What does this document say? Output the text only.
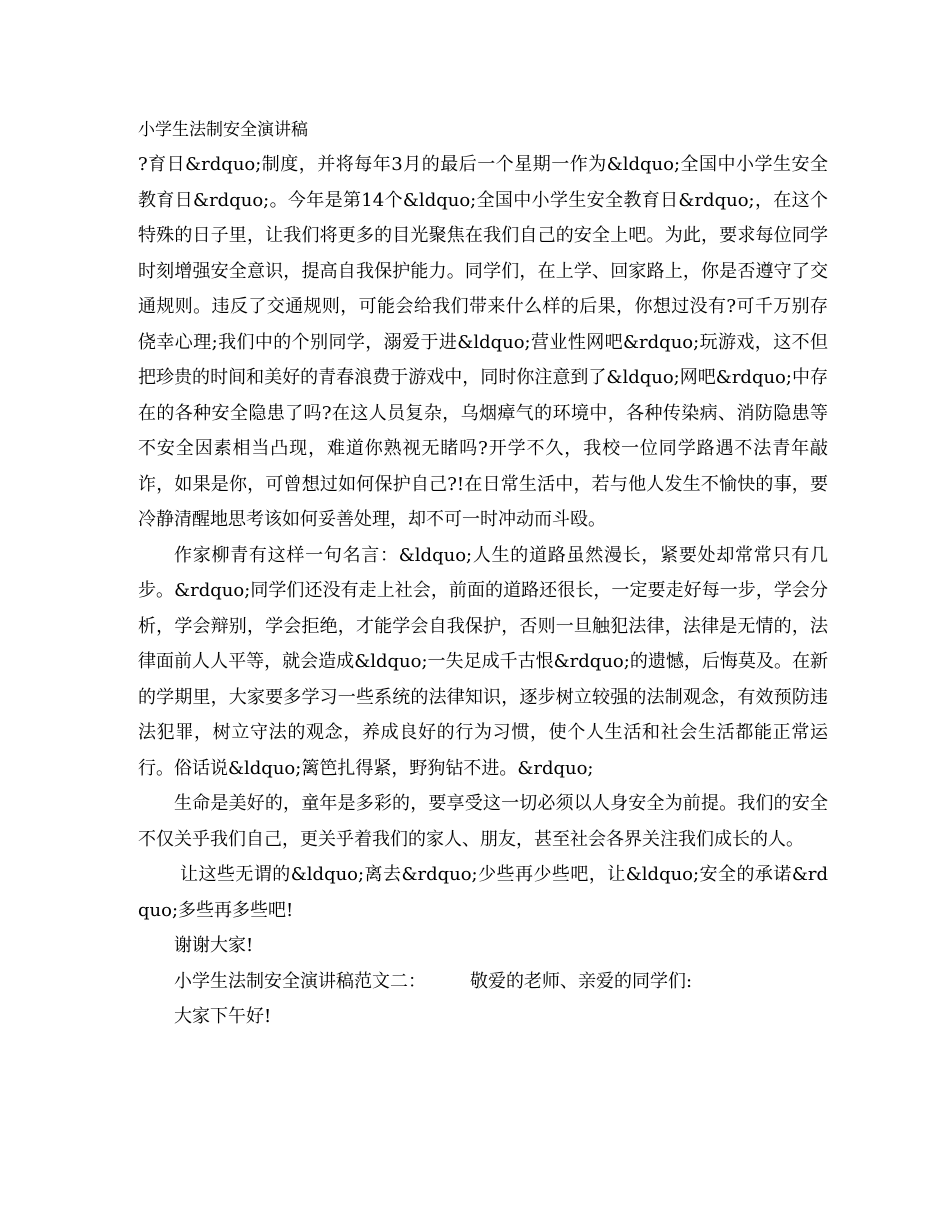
小学生法制安全演讲稿

?育日&rdquo;制度，并将每年3月的最后一个星期一作为&ldquo;全国中小学生安全教育日&rdquo;。今年是第14个&ldquo;全国中小学生安全教育日&rdquo;，在这个特殊的日子里，让我们将更多的目光聚焦在我们自己的安全上吧。为此，要求每位同学时刻增强安全意识，提高自我保护能力。同学们，在上学、回家路上，你是否遵守了交通规则。违反了交通规则，可能会给我们带来什么样的后果，你想过没有?可千万别存侥幸心理;我们中的个别同学，溺爱于进&ldquo;营业性网吧&rdquo;玩游戏，这不但把珍贵的时间和美好的青春浪费于游戏中，同时你注意到了&ldquo;网吧&rdquo;中存在的各种安全隐患了吗?在这人员复杂，乌烟瘴气的环境中，各种传染病、消防隐患等不安全因素相当凸现，难道你熟视无睹吗?开学不久，我校一位同学路遇不法青年敲诈，如果是你，可曾想过如何保护自己?!在日常生活中，若与他人发生不愉快的事，要冷静清醒地思考该如何妥善处理，却不可一时冲动而斗殴。

作家柳青有这样一句名言：&ldquo;人生的道路虽然漫长，紧要处却常常只有几步。&rdquo;同学们还没有走上社会，前面的道路还很长，一定要走好每一步，学会分析，学会辩别，学会拒绝，才能学会自我保护，否则一旦触犯法律，法律是无情的，法律面前人人平等，就会造成&ldquo;一失足成千古恨&rdquo;的遗憾，后悔莫及。在新的学期里，大家要多学习一些系统的法律知识，逐步树立较强的法制观念，有效预防违法犯罪，树立守法的观念，养成良好的行为习惯，使个人生活和社会生活都能正常运行。俗话说&ldquo;篱笆扎得紧，野狗钻不进。&rdquo;

生命是美好的，童年是多彩的，要享受这一切必须以人身安全为前提。我们的安全不仅关乎我们自己，更关乎着我们的家人、朋友，甚至社会各界关注我们成长的人。

让这些无谓的&ldquo;离去&rdquo;少些再少些吧，让&ldquo;安全的承诺&rdquo;多些再多些吧!

谢谢大家!

小学生法制安全演讲稿范文二： 敬爱的老师、亲爱的同学们:

大家下午好!
